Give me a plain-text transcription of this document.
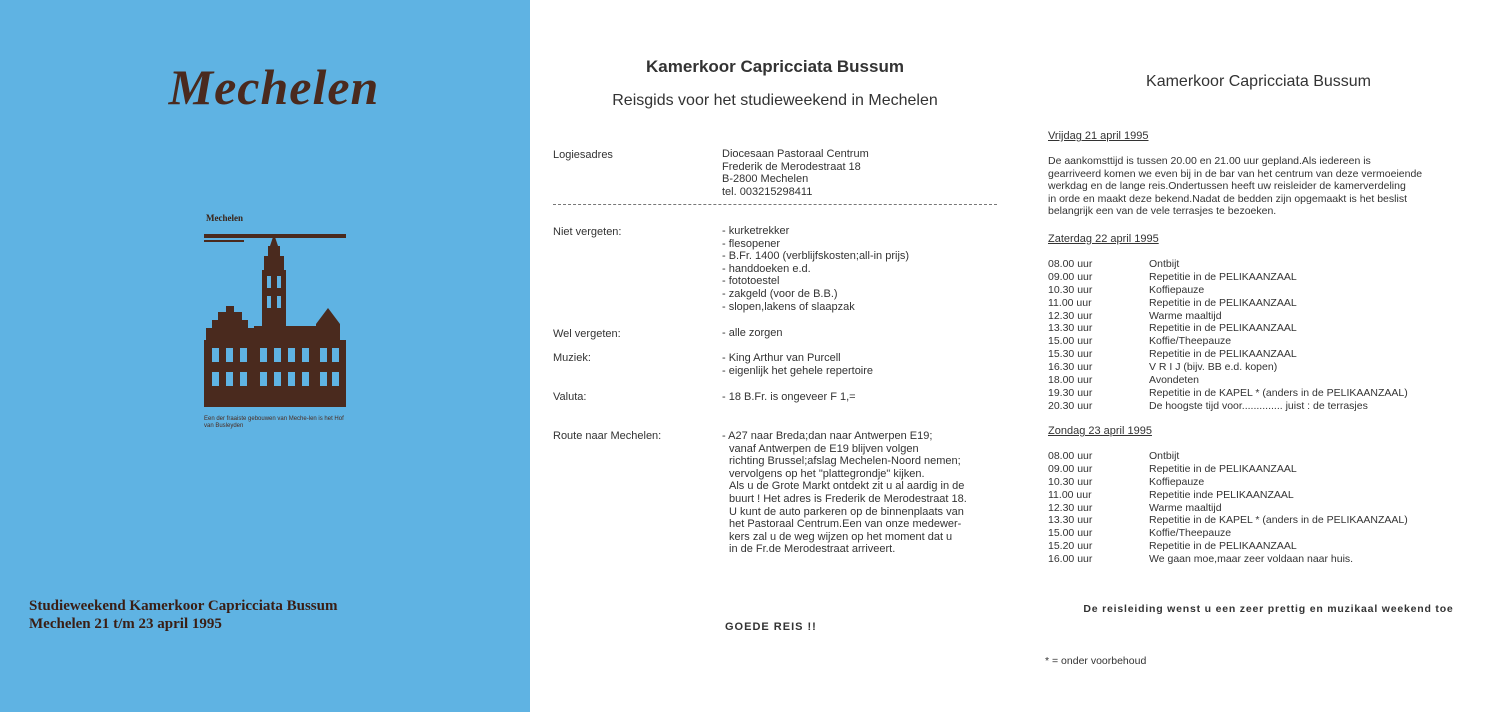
Mechelen
Mechelen
Een der fraaiste gebouwen van Meche-len is het Hof van Busleyden
Studieweekend Kamerkoor Capricciata Bussum
Mechelen 21 t/m 23 april 1995
Kamerkoor Capricciata Bussum
Reisgids voor het studieweekend in Mechelen
Logiesadres	Diocesaan Pastoraal Centrum
Frederik de Merodestraat 18
B-2800 Mechelen
tel. 003215298411
Niet vergeten:	- kurketrekker
- flesopener
- B.Fr. 1400 (verblijfskosten;all-in prijs)
- handdoeken e.d.
- fototoestel
- zakgeld (voor de B.B.)
- slopen,lakens of slaapzak
Wel vergeten:	- alle zorgen
Muziek:	- King Arthur van Purcell
- eigenlijk het gehele repertoire
Valuta:	- 18 B.Fr. is ongeveer F 1,=
Route naar Mechelen:	- A27 naar Breda;dan naar Antwerpen E19;
vanaf Antwerpen de E19 blijven volgen
richting Brussel;afslag Mechelen-Noord nemen;
vervolgens op het "plattegrondje" kijken.
Als u de Grote Markt ontdekt zit u al aardig in de
buurt ! Het adres is Frederik de Merodestraat 18.
U kunt de auto parkeren op de binnenplaats van
het Pastoraal Centrum.Een van onze medewer-
kers zal u de weg wijzen op het moment dat u
in de Fr.de Merodestraat arriveert.
GOEDE REIS !!
Kamerkoor Capricciata Bussum
Vrijdag 21 april 1995
De aankomsttijd is tussen 20.00 en 21.00 uur gepland.Als iedereen is
gearriveerd komen we even bij in de bar van het centrum van deze vermoeiende
werkdag en de lange reis.Ondertussen heeft uw reisleider de kamerverdeling
in orde en maakt deze bekend.Nadat de bedden zijn opgemaakt is het beslist
belangrijk een van de vele terrasjes te bezoeken.
Zaterdag 22 april 1995
08.00 uur	Ontbijt
09.00 uur	Repetitie in de PELIKAANZAAL
10.30 uur	Koffiepauze
11.00 uur	Repetitie in de PELIKAANZAAL
12.30 uur	Warme maaltijd
13.30 uur	Repetitie in de PELIKAANZAAL
15.00 uur	Koffie/Theepauze
15.30 uur	Repetitie in de PELIKAANZAAL
16.30 uur	V R I J (bijv. BB e.d. kopen)
18.00 uur	Avondeten
19.30 uur	Repetitie in de KAPEL * (anders in de PELIKAANZAAL)
20.30 uur	De hoogste tijd voor.............. juist : de terrasjes
Zondag 23 april 1995
08.00 uur	Ontbijt
09.00 uur	Repetitie in de PELIKAANZAAL
10.30 uur	Koffiepauze
11.00 uur	Repetitie inde PELIKAANZAAL
12.30 uur	Warme maaltijd
13.30 uur	Repetitie in de KAPEL * (anders in de PELIKAANZAAL)
15.00 uur	Koffie/Theepauze
15.20 uur	Repetitie in de PELIKAANZAAL
16.00 uur	We gaan moe,maar zeer voldaan naar huis.
De reisleiding wenst u een zeer prettig en muzikaal weekend toe
* = onder voorbehoud
